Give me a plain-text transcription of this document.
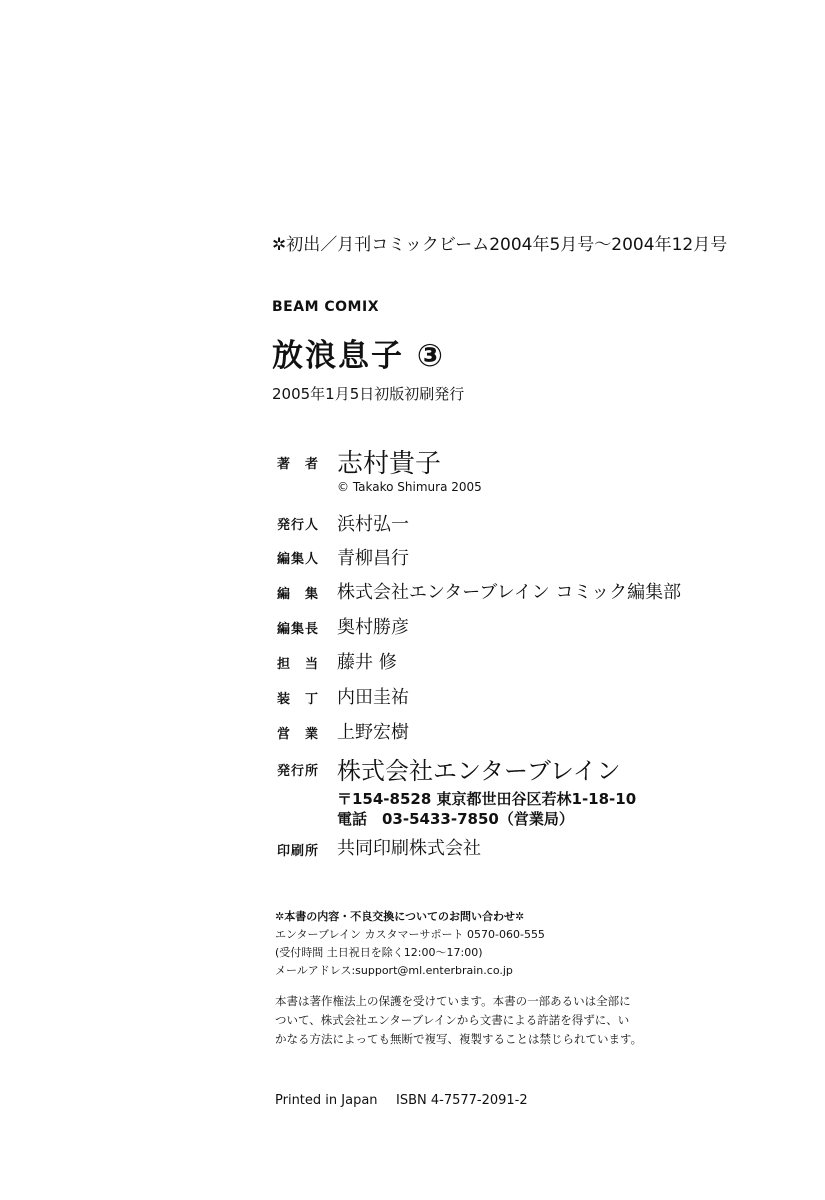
✲初出／月刊コミックビーム2004年5月号〜2004年12月号
BEAM COMIX
放浪息子 ③
2005年1月5日初版初刷発行
著　者 志村貴子
© Takako Shimura 2005
発行人 浜村弘一
編集人 青柳昌行
編　集 株式会社エンターブレイン コミック編集部
編集長 奥村勝彦
担　当 藤井 修
装　丁 内田圭祐
営　業 上野宏樹
発行所 株式会社エンターブレイン
〒154-8528 東京都世田谷区若林1-18-10
電話　03-5433-7850（営業局）
印刷所 共同印刷株式会社
✲本書の内容・不良交換についてのお問い合わせ✲
エンターブレイン カスタマーサポート 0570-060-555
(受付時間 土日祝日を除く12:00〜17:00)
メールアドレス:support@ml.enterbrain.co.jp
本書は著作権法上の保護を受けています。本書の一部あるいは全部に
ついて、株式会社エンターブレインから文書による許諾を得ずに、い
かなる方法によっても無断で複写、複製することは禁じられています。
Printed in Japan ISBN 4-7577-2091-2
